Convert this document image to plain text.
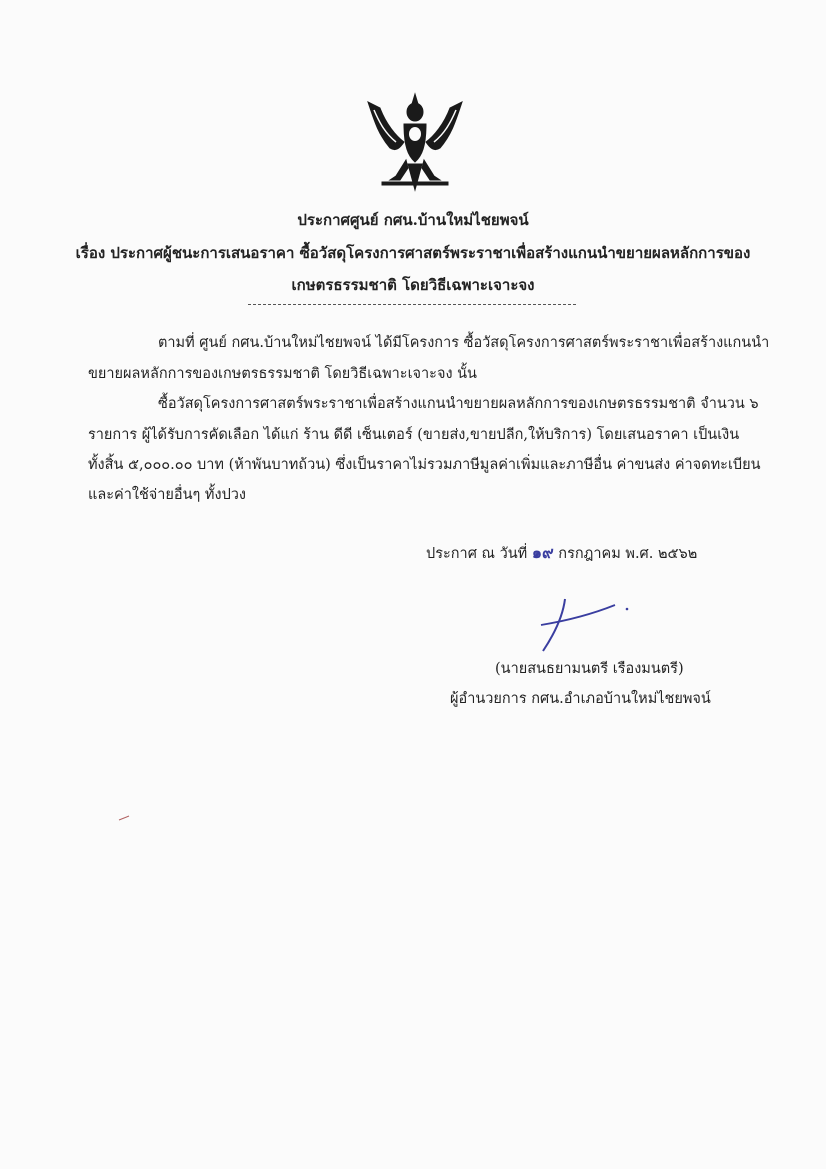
ประกาศศูนย์ กศน.บ้านใหม่ไชยพจน์
เรื่อง ประกาศผู้ชนะการเสนอราคา ซื้อวัสดุโครงการศาสตร์พระราชาเพื่อสร้างแกนนำขยายผลหลักการของ
เกษตรธรรมชาติ โดยวิธีเฉพาะเจาะจง
ตามที่ ศูนย์ กศน.บ้านใหม่ไชยพจน์ ได้มีโครงการ ซื้อวัสดุโครงการศาสตร์พระราชาเพื่อสร้างแกนนำ
ขยายผลหลักการของเกษตรธรรมชาติ โดยวิธีเฉพาะเจาะจง นั้น
ซื้อวัสดุโครงการศาสตร์พระราชาเพื่อสร้างแกนนำขยายผลหลักการของเกษตรธรรมชาติ จำนวน ๖
รายการ ผู้ได้รับการคัดเลือก ได้แก่ ร้าน ดีดี เซ็นเตอร์ (ขายส่ง,ขายปลีก,ให้บริการ) โดยเสนอราคา เป็นเงิน
ทั้งสิ้น ๕,๐๐๐.๐๐ บาท (ห้าพันบาทถ้วน) ซึ่งเป็นราคาไม่รวมภาษีมูลค่าเพิ่มและภาษีอื่น ค่าขนส่ง ค่าจดทะเบียน
และค่าใช้จ่ายอื่นๆ ทั้งปวง
ประกาศ ณ วันที่ ๑๙ กรกฎาคม พ.ศ. ๒๕๖๒
(นายสนธยามนตรี เรืองมนตรี)
ผู้อำนวยการ กศน.อำเภอบ้านใหม่ไชยพจน์
